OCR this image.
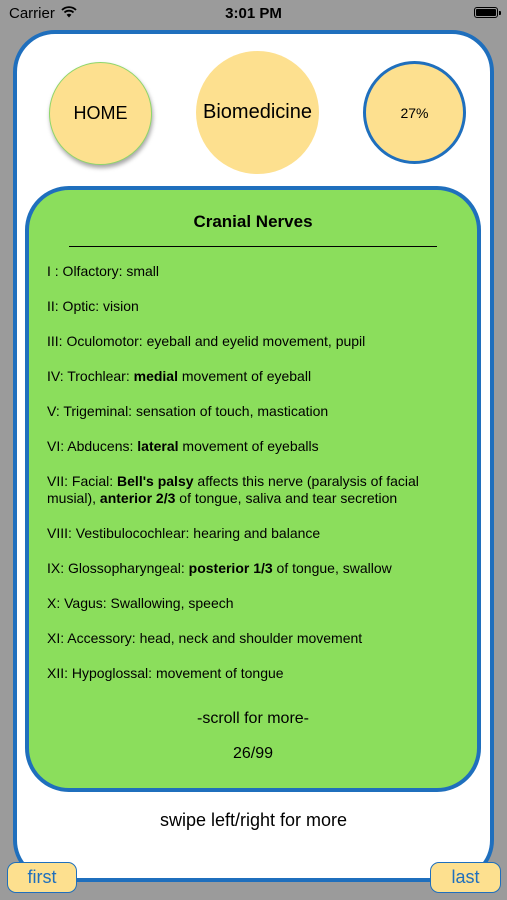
Carrier	3:01 PM
HOME	Biomedicine	27%
Cranial Nerves
I : Olfactory: small
II: Optic: vision
III: Oculomotor: eyeball and eyelid movement, pupil
IV: Trochlear: medial movement of eyeball
V: Trigeminal: sensation of touch, mastication
VI: Abducens: lateral movement of eyeballs
VII: Facial: Bell's palsy affects this nerve (paralysis of facial musial), anterior 2/3 of tongue, saliva and tear secretion
VIII: Vestibulocochlear: hearing and balance
IX: Glossopharyngeal: posterior 1/3 of tongue, swallow
X: Vagus: Swallowing, speech
XI: Accessory: head, neck and shoulder movement
XII: Hypoglossal: movement of tongue
-scroll for more-
26/99
swipe left/right for more
first	last
